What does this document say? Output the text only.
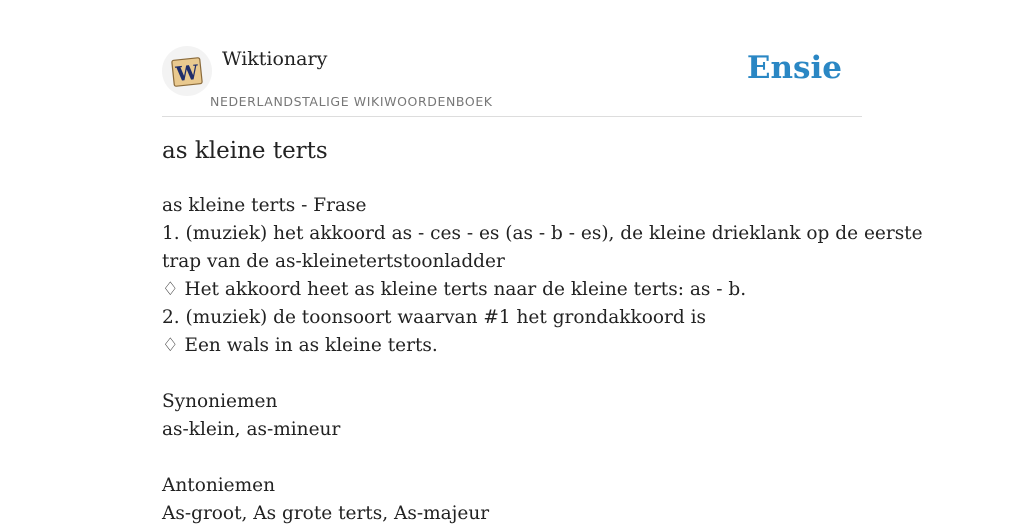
W
Wiktionary
NEDERLANDSTALIGE WIKIWOORDENBOEK
Ensie
as kleine terts
as kleine terts - Frase
1. (muziek) het akkoord as - ces - es (as - b - es), de kleine drieklank op de eerste
trap van de as-kleinetertstoonladder
♢ Het akkoord heet as kleine terts naar de kleine terts: as - b.
2. (muziek) de toonsoort waarvan #1 het grondakkoord is
♢ Een wals in as kleine terts.
Synoniemen
as-klein, as-mineur
Antoniemen
As-groot, As grote terts, As-majeur
